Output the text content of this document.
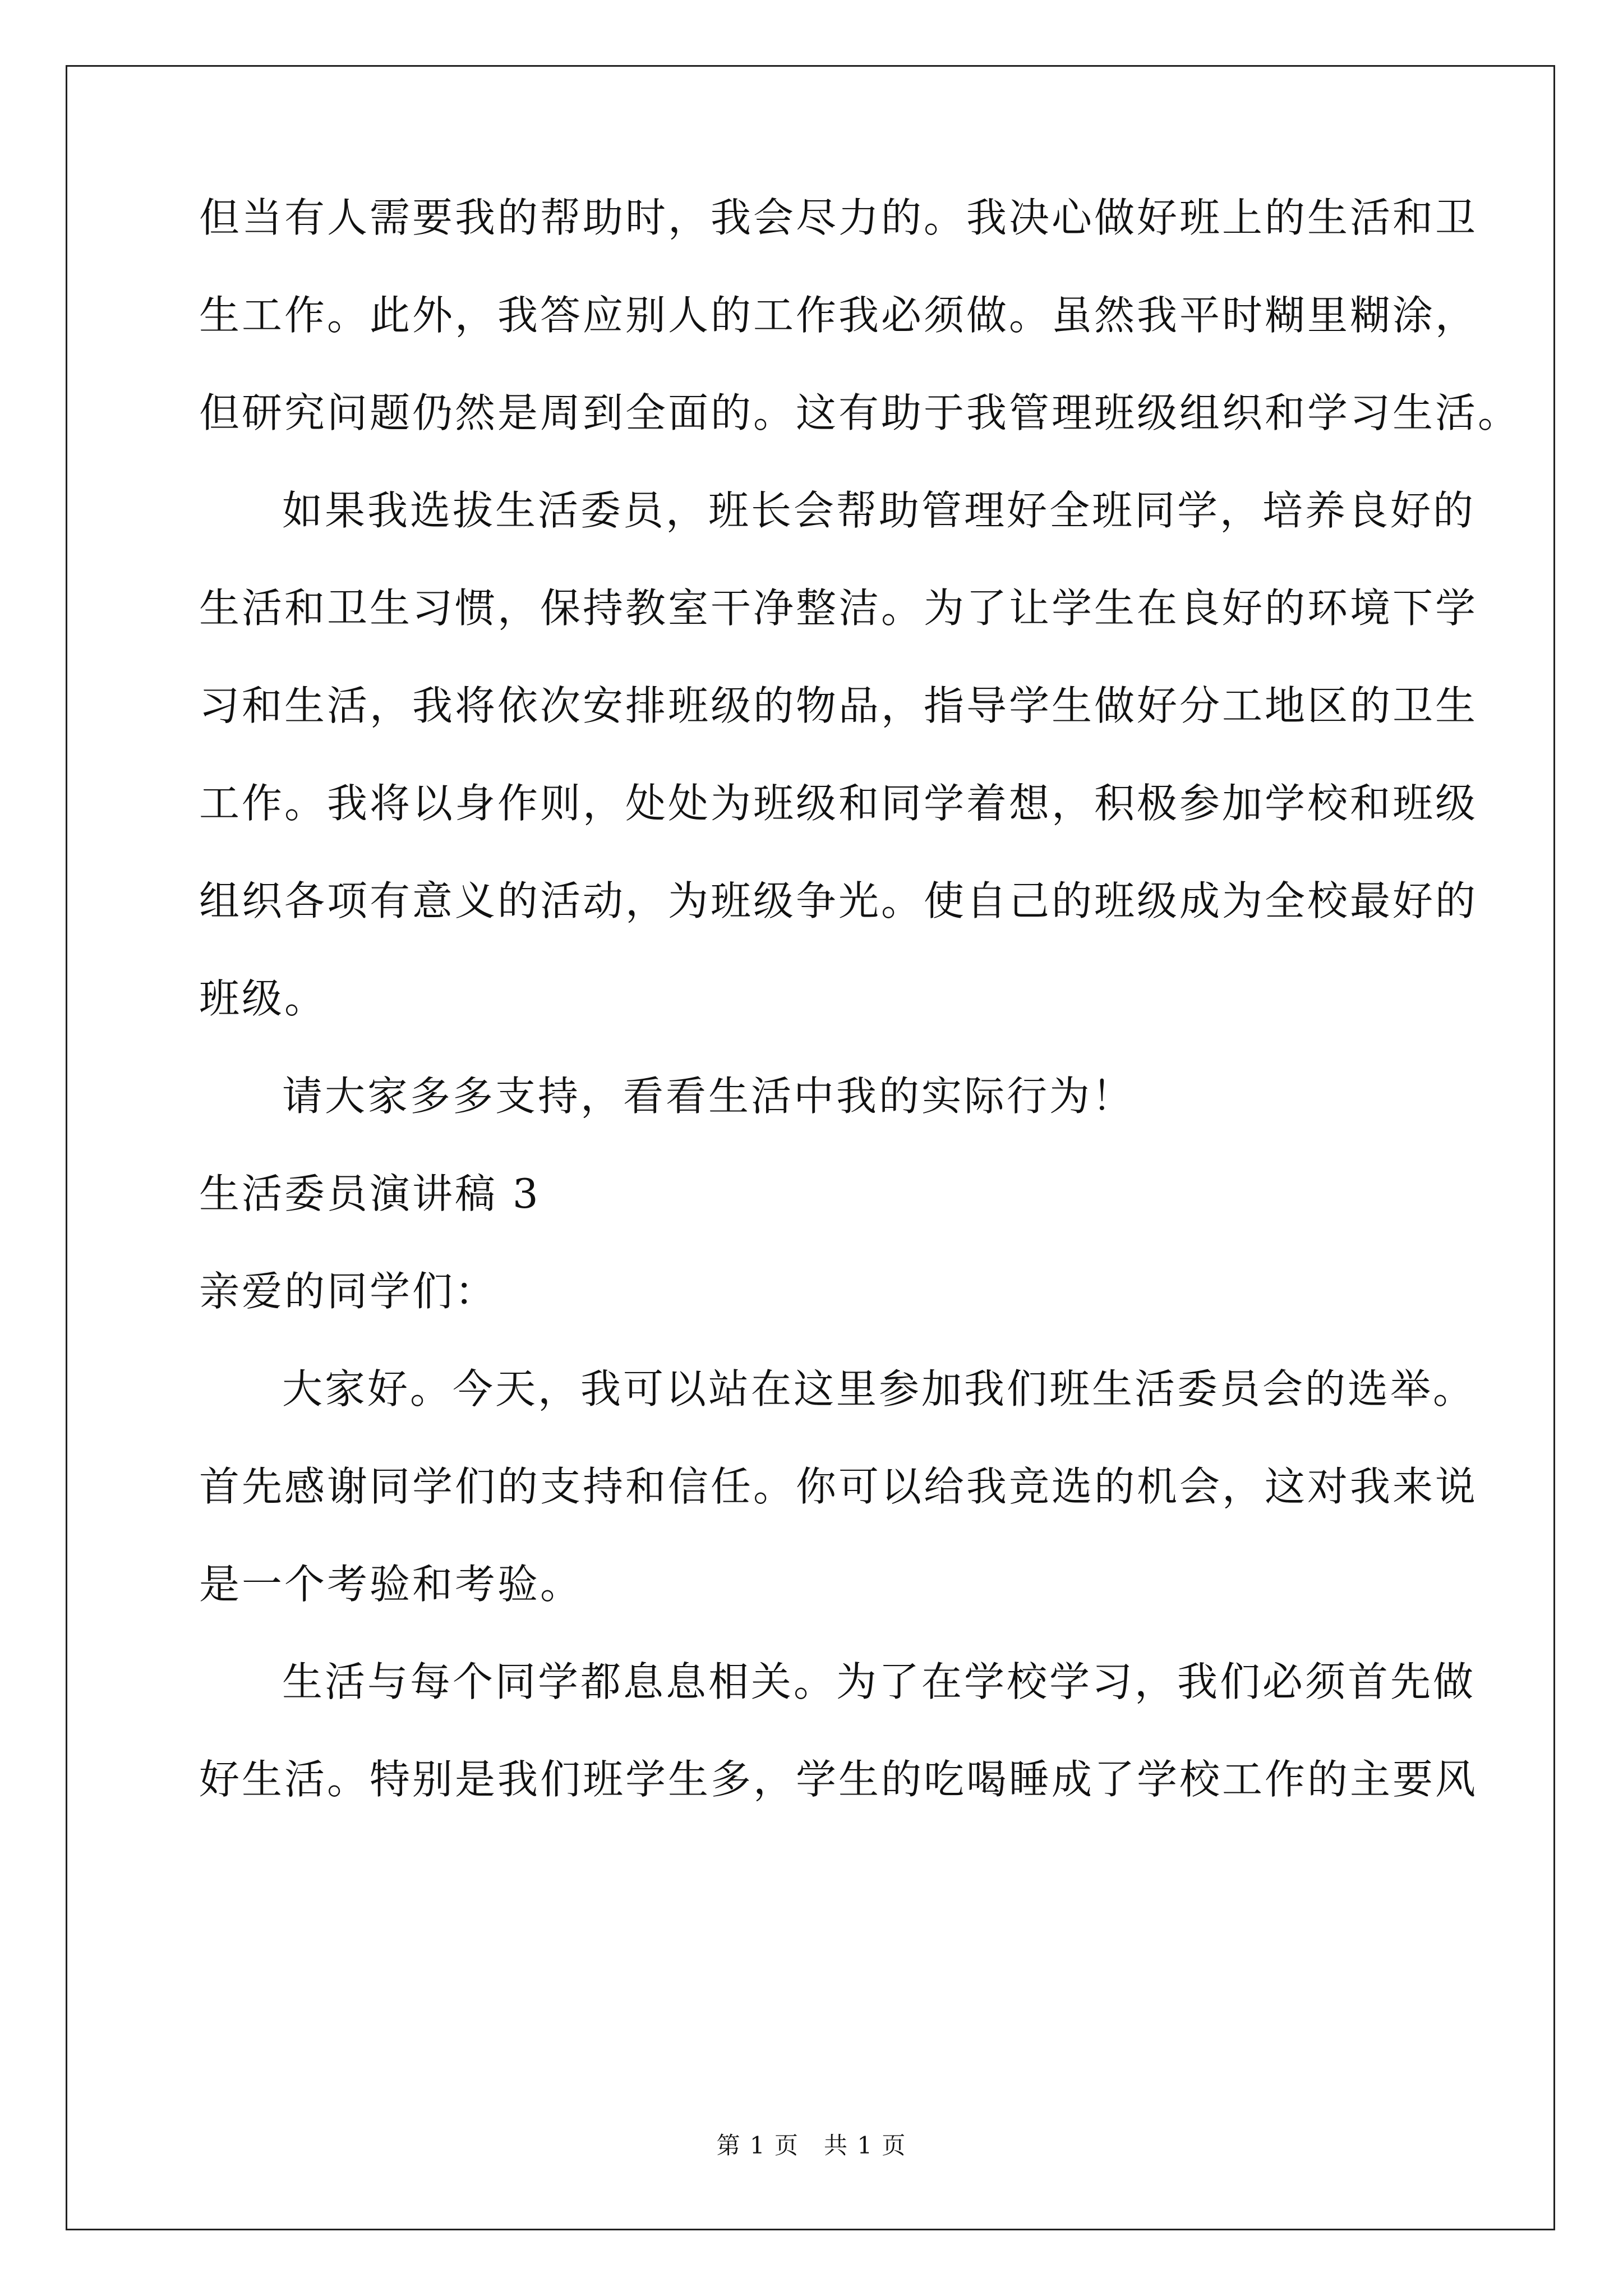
但当有人需要我的帮助时，我会尽力的。我决心做好班上的生活和卫
生工作。此外，我答应别人的工作我必须做。虽然我平时糊里糊涂，
但研究问题仍然是周到全面的。这有助于我管理班级组织和学习生活。
如果我选拔生活委员，班长会帮助管理好全班同学，培养良好的
生活和卫生习惯，保持教室干净整洁。为了让学生在良好的环境下学
习和生活，我将依次安排班级的物品，指导学生做好分工地区的卫生
工作。我将以身作则，处处为班级和同学着想，积极参加学校和班级
组织各项有意义的活动，为班级争光。使自己的班级成为全校最好的
班级。
请大家多多支持，看看生活中我的实际行为！
生活委员演讲稿 3
亲爱的同学们：
大家好。今天，我可以站在这里参加我们班生活委员会的选举。
首先感谢同学们的支持和信任。你可以给我竞选的机会，这对我来说
是一个考验和考验。
生活与每个同学都息息相关。为了在学校学习，我们必须首先做
好生活。特别是我们班学生多，学生的吃喝睡成了学校工作的主要风
第 1 页　共 1 页
